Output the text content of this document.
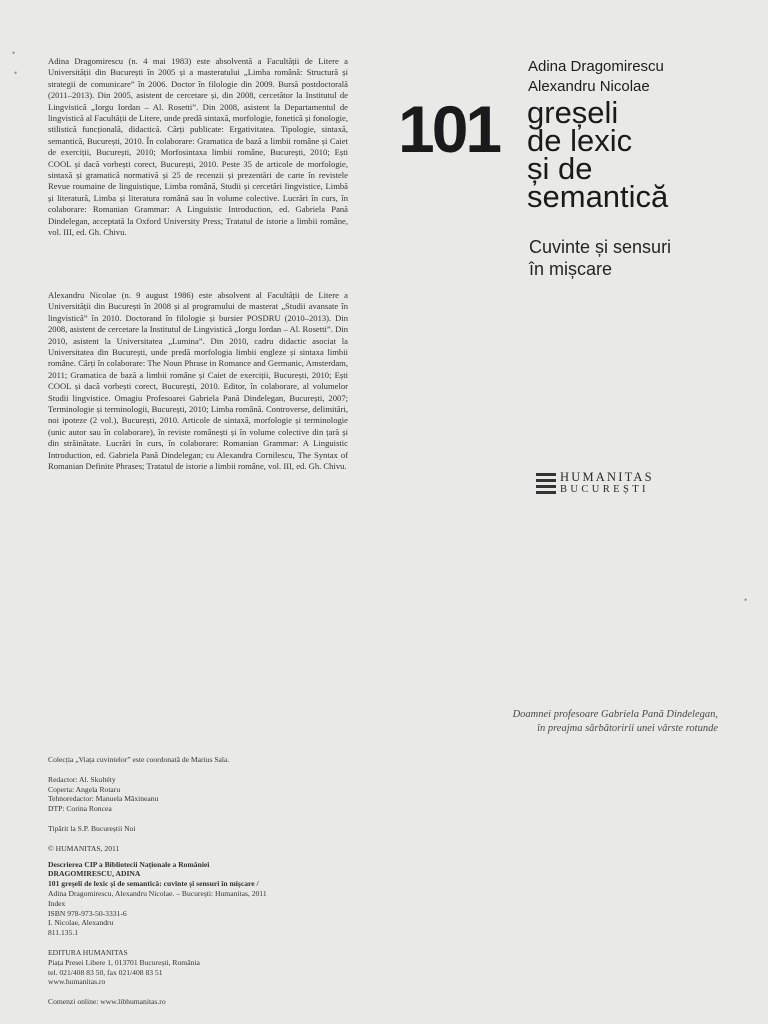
•
•
•

Adina Dragomirescu (n. 4 mai 1983) este absolventă a Facultății de Litere a Universității din București în 2005 și a masteratului „Limba română: Structură și strategii de comunicare” în 2006. Doctor în filologie din 2009. Bursă postdoctorală (2011–2013). Din 2005, asistent de cercetare și, din 2008, cercetător la Institutul de Lingvistică „Iorgu Iordan – Al. Rosetti”. Din 2008, asistent la Departamentul de lingvistică al Facultății de Litere, unde predă sintaxă, morfologie, fonetică și fonologie, stilistică funcțională, didactică. Cărți publicate: Ergativitatea. Tipologie, sintaxă, semantică, București, 2010. În colaborare: Gramatica de bază a limbii române și Caiet de exerciții, București, 2010; Morfosintaxa limbii române, București, 2010; Ești COOL și dacă vorbești corect, București, 2010. Peste 35 de articole de morfologie, sintaxă și gramatică normativă și 25 de recenzii și prezentări de carte în revistele Revue roumaine de linguistique, Limba română, Studii și cercetări lingvistice, Limbă și literatură, Limba și literatura română sau în volume colective. Lucrări în curs, în colaborare: Romanian Grammar: A Linguistic Introduction, ed. Gabriela Pană Dindelegan, acceptată la Oxford University Press; Tratatul de istorie a limbii române, vol. III, ed. Gh. Chivu.

Alexandru Nicolae (n. 9 august 1986) este absolvent al Facultății de Litere a Universității din București în 2008 și al programului de masterat „Studii avansate în lingvistică” în 2010. Doctorand în filologie și bursier POSDRU (2010–2013). Din 2008, asistent de cercetare la Institutul de Lingvistică „Iorgu Iordan – Al. Rosetti”. Din 2010, asistent la Universitatea „Lumina”. Din 2010, cadru didactic asociat la Universitatea din București, unde predă morfologia limbii engleze și sintaxa limbii române. Cărți în colaborare: The Noun Phrase in Romance and Germanic, Amsterdam, 2011; Gramatica de bază a limbii române și Caiet de exerciții, București, 2010; Ești COOL și dacă vorbești corect, București, 2010. Editor, în colaborare, al volumelor Studii lingvistice. Omagiu Profesoarei Gabriela Pană Dindelegan, București, 2007; Terminologie și terminologii, București, 2010; Limba română. Controverse, delimitări, noi ipoteze (2 vol.), București, 2010. Articole de sintaxă, morfologie și terminologie (unic autor sau în colaborare), în reviste românești și în volume colective din țară și din străinătate. Lucrări în curs, în colaborare: Romanian Grammar: A Linguistic Introduction, ed. Gabriela Pană Dindelegan; cu Alexandra Cornilescu, The Syntax of Romanian Definite Phrases; Tratatul de istorie a limbii române, vol. III, ed. Gh. Chivu.

Colecția „Viața cuvintelor” este coordonată de Marius Sala.

Redactor: Al. Skultéty

Coperta: Angela Rotaru

Tehnoredactor: Manuela Măxineanu

DTP: Corina Roncea

Tipărit la S.P. Bucureștii Noi

© HUMANITAS, 2011

Descrierea CIP a Bibliotecii Naționale a României

DRAGOMIRESCU, ADINA

101 greșeli de lexic și de semantică: cuvinte și sensuri în mișcare /

Adina Dragomirescu, Alexandru Nicolae. – București: Humanitas, 2011

Index

ISBN 978-973-50-3331-6

I. Nicolae, Alexandru

811.135.1

EDITURA HUMANITAS

Piața Presei Libere 1, 013701 București, România

tel. 021/408 83 50, fax 021/408 83 51

www.humanitas.ro

Comenzi online: www.libhumanitas.ro

Adina Dragomirescu
Alexandru Nicolae
101 greșeli
de lexic
și de
semantică
Cuvinte și sensuri
în mișcare
HUMANITAS
BUCUREȘTI
Doamnei profesoare Gabriela Pană Dindelegan,
în preajma sărbătoririi unei vârste rotunde
